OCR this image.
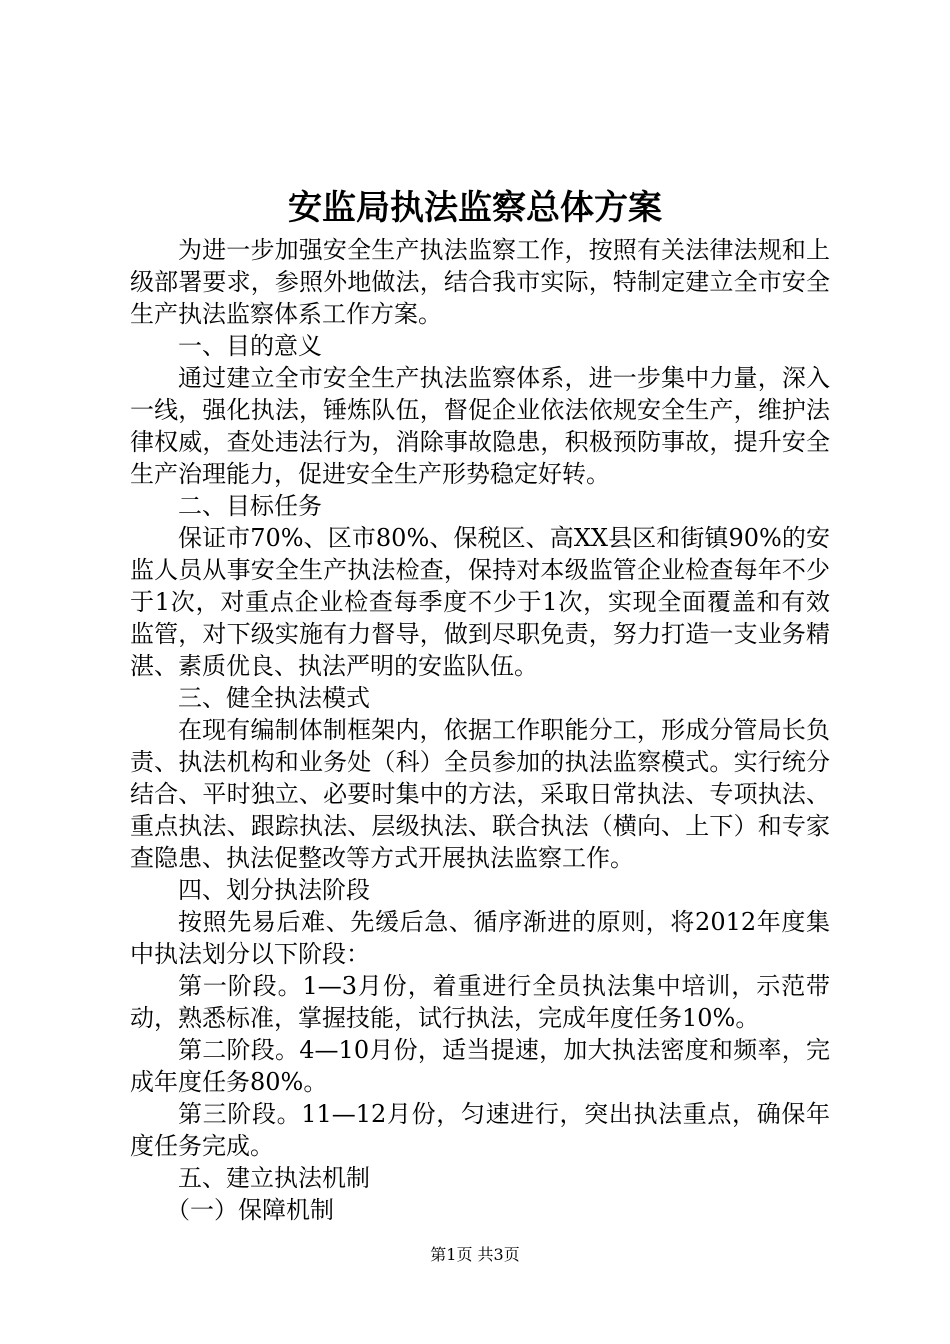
安监局执法监察总体方案

为进一步加强安全生产执法监察工作，按照有关法律法规和上级部署要求，参照外地做法，结合我市实际，特制定建立全市安全生产执法监察体系工作方案。

一、目的意义

通过建立全市安全生产执法监察体系，进一步集中力量，深入一线，强化执法，锤炼队伍，督促企业依法依规安全生产，维护法律权威，查处违法行为，消除事故隐患，积极预防事故，提升安全生产治理能力，促进安全生产形势稳定好转。

二、目标任务

保证市70%、区市80%、保税区、高XX县区和街镇90%的安监人员从事安全生产执法检查，保持对本级监管企业检查每年不少于1次，对重点企业检查每季度不少于1次，实现全面覆盖和有效监管，对下级实施有力督导，做到尽职免责，努力打造一支业务精湛、素质优良、执法严明的安监队伍。

三、健全执法模式

在现有编制体制框架内，依据工作职能分工，形成分管局长负责、执法机构和业务处（科）全员参加的执法监察模式。实行统分结合、平时独立、必要时集中的方法，采取日常执法、专项执法、重点执法、跟踪执法、层级执法、联合执法（横向、上下）和专家查隐患、执法促整改等方式开展执法监察工作。

四、划分执法阶段

按照先易后难、先缓后急、循序渐进的原则，将2012年度集中执法划分以下阶段：

第一阶段。1—3月份，着重进行全员执法集中培训，示范带动，熟悉标准，掌握技能，试行执法，完成年度任务10%。

第二阶段。4—10月份，适当提速，加大执法密度和频率，完成年度任务80%。

第三阶段。11—12月份，匀速进行，突出执法重点，确保年度任务完成。

五、建立执法机制

（一）保障机制

第1页 共3页
